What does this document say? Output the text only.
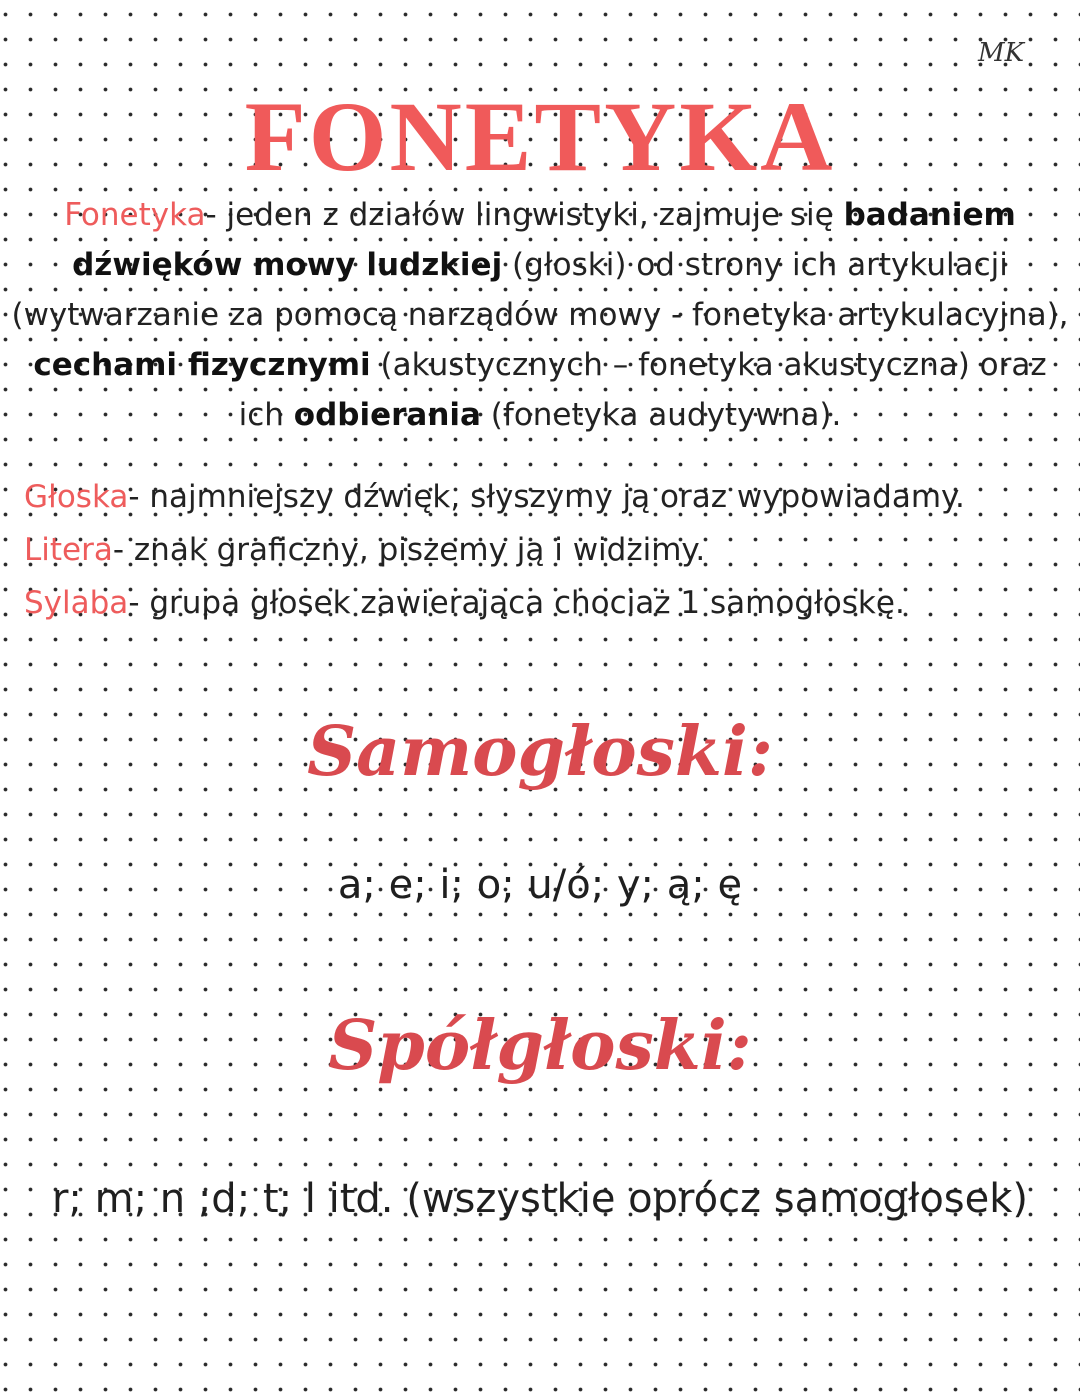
MK
FONETYKA
Fonetyka- jeden z działów lingwistyki, zajmuje się badaniem dźwięków mowy ludzkiej (głoski) od strony ich artykulacji (wytwarzanie za pomocą narządów mowy - fonetyka artykulacyjna), cechami fizycznymi (akustycznych – fonetyka akustyczna) oraz ich odbierania (fonetyka audytywna).
Głoska- najmniejszy dźwięk, słyszymy ją oraz wypowiadamy.
Litera- znak graficzny, piszemy ją i widzimy.
Sylaba- grupa głosek zawierająca chociaż 1 samogłoskę.
Samogłoski:
a; e; i; o; u/ó; y; ą; ę
Spółgłoski:
r; m; n ;d; t; l itd. (wszystkie oprócz samogłosek)
